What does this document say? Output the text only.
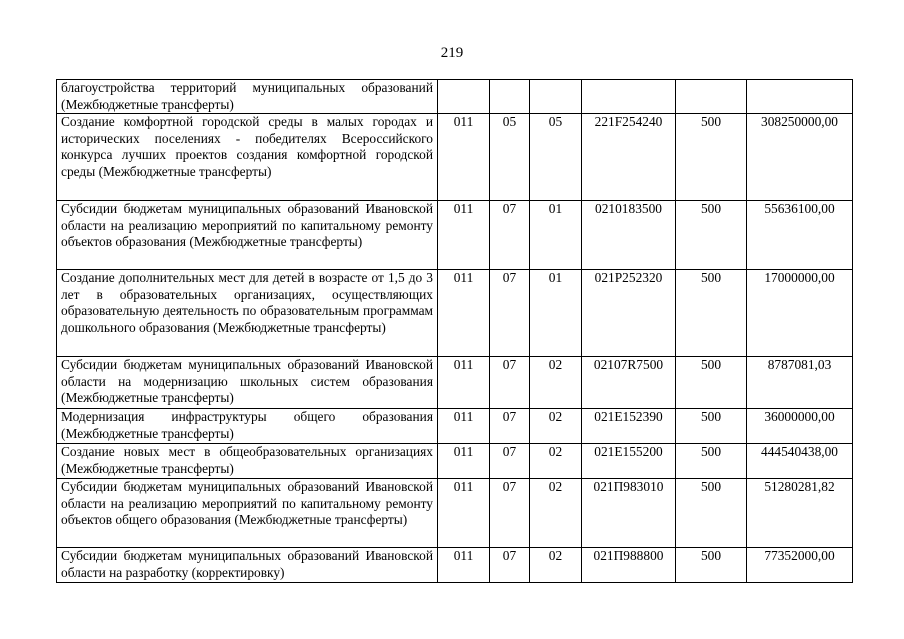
219
благоустройства территорий муниципальных образований (Межбюджетные трансферты)						
Создание комфортной городской среды в малых городах и исторических поселениях - победителях Всероссийского конкурса лучших проектов создания комфортной городской среды (Межбюджетные трансферты)	011	05	05	221F254240	500	308250000,00
Субсидии бюджетам муниципальных образований Ивановской области на реализацию мероприятий по капитальному ремонту объектов образования (Межбюджетные трансферты)	011	07	01	0210183500	500	55636100,00
Создание дополнительных мест для детей в возрасте от 1,5 до 3 лет в образовательных организациях, осуществляющих образовательную деятельность по образовательным программам дошкольного образования (Межбюджетные трансферты)	011	07	01	021P252320	500	17000000,00
Субсидии бюджетам муниципальных образований Ивановской области на модернизацию школьных систем образования (Межбюджетные трансферты)	011	07	02	02107R7500	500	8787081,03
Модернизация инфраструктуры общего образования (Межбюджетные трансферты)	011	07	02	021E152390	500	36000000,00
Создание новых мест в общеобразовательных организациях (Межбюджетные трансферты)	011	07	02	021E155200	500	444540438,00
Субсидии бюджетам муниципальных образований Ивановской области на реализацию мероприятий по капитальному ремонту объектов общего образования (Межбюджетные трансферты)	011	07	02	021П983010	500	51280281,82
Субсидии бюджетам муниципальных образований Ивановской области на разработку (корректировку)	011	07	02	021П988800	500	77352000,00
